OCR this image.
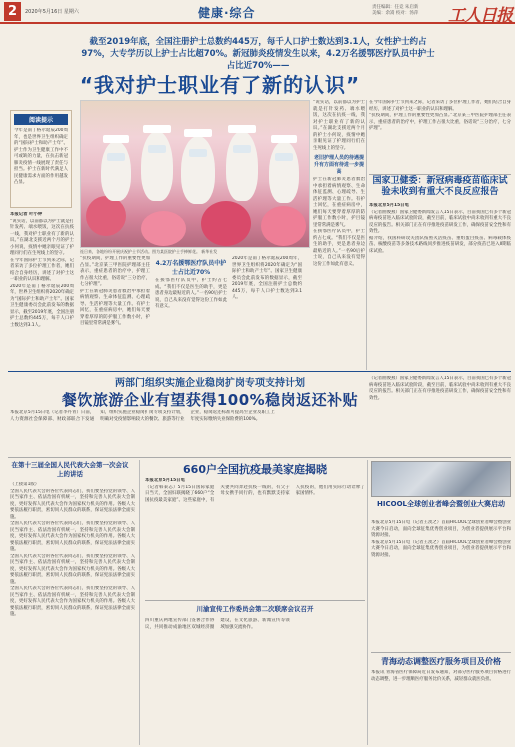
2	2020年5月16日 星期六	健康·综合	责任编辑：任竞 朱启新
美编：余嵩 校对：汤萍	工人日报
截至2019年底，全国注册护士总数约445万，每千人口护士数达到3.1人，女性护士约占97%，大专学历以上护士占比超70%。新冠肺炎疫情发生以来，4.2万名援鄂医疗队员中护士占比近70%——
“我对护士职业有了新的认识”
阅读提示
今年是南丁格尔诞辰200周年，也是世界卫生组织确定的“国际护士和助产士年”。护士作为卫生健康工作中不可或缺的力量，在抗击新冠肺炎疫情一线展现了责任与担当。护士在新时代满足人民健康需求方面的作用越发凸显。
本报记者 叶小钟
“说实话，以前都以为护士就是打针发药、端水喂饭，这次在抗疫一线，我对护士职业有了新的认识。”在湖北支援近两个月的护士小何说，疫情中她亲眼见证了护理同行们在生死线上的坚守。
在今年国际护士节到来之际，记者采访了多位护理工作者，她们结合自身经历，讲述了对护士这一职业的认识和理解。
2020年是南丁格尔诞辰200周年，世界卫生组织将2020年确定为“国际护士和助产士年”。国家卫生健康委员会此前发布的数据显示，截至2019年底，全国注册护士总数约445万，每千人口护士数达到3.1人。
连日来，各地纷纷开展庆祝护士节活动。图为某医院护士手捧鲜花。 新华社发
“抗疫期间，护理工作的重要性更加凸显。”北京某三甲医院护理部主任表示，重症患者的治疗中，护理工作占很大比重，俗话说“三分治疗，七分护理”。
护士在新冠肺炎患者救治中承担着病情观察、生命体征监测、心理疏导、生活护理等大量工作。有护士回忆，在重症病房中，她们每天要穿着厚厚的防护服工作数小时，护目镜里常常满是雾气。
4.2万名援鄂医疗队员中护士占比近70%
在援鄂医疗队员中，护士约占七成。“我们不仅是医生的助手，更是患者身边最贴近的人。”一名90后护士说，自己从来没有觉得这份工作如此有意义。
2020年是南丁格尔诞辰200周年，世界卫生组织将2020年确定为“国际护士和助产士年”。国家卫生健康委员会此前发布的数据显示，截至2019年底，全国注册护士总数约445万，每千人口护士数达到3.1人。
“说实话，以前都以为护士就是打针发药、端水喂饭，这次在抗疫一线，我对护士职业有了新的认识。”在湖北支援近两个月的护士小何说，疫情中她亲眼见证了护理同行们在生死线上的坚守。
老旧护理人员的待遇提升有方面有待进一步提高
护士在新冠肺炎患者救治中承担着病情观察、生命体征监测、心理疏导、生活护理等大量工作。有护士回忆，在重症病房中，她们每天要穿着厚厚的防护服工作数小时，护目镜里常常满是雾气。
在援鄂医疗队员中，护士约占七成。“我们不仅是医生的助手，更是患者身边最贴近的人。”一名90后护士说，自己从来没有觉得这份工作如此有意义。
在今年国际护士节到来之际，记者采访了多位护理工作者，她们结合自身经历，讲述了对护士这一职业的认识和理解。
“抗疫期间，护理工作的重要性更加凸显。”北京某三甲医院护理部主任表示，重症患者的治疗中，护理工作占很大比重，俗话说“三分治疗，七分护理”。
国家卫健委：新冠病毒疫苗临床试验未收到有重大不良反应报告
本报北京5月15日电
（记者曲俊燕）国家卫健委新闻发言人15日表示，目前我国已有多个新冠病毒疫苗进入临床试验阶段，截至目前，临床试验中尚未收到有重大不良反应的报告。相关部门正在有序推进疫苗研发工作，确保疫苗安全性和有效性。
据介绍，我国科研攻关团队按照灭活疫苗、重组蛋白疫苗、病毒载体疫苗、核酸疫苗等多条技术路线同步推进疫苗研发，部分疫苗已进入Ⅱ期临床试验。
两部门组织实施企业稳岗扩岗专项支持计划
餐饮旅游企业有望获得100%稳岗返还补贴
本报北京5月15日电（记者李丹青）日前，人力资源社会保障部、财政部联合下发通知，组织实施企业稳岗扩岗专项支持计划，明确对受疫情影响较大的餐饮、旅游等行业企业，稳岗返还标准可提高至企业及职工上年度实际缴纳失业保险费的100%。
（记者曲俊燕）国家卫健委新闻发言人15日表示，目前我国已有多个新冠病毒疫苗进入临床试验阶段，截至目前，临床试验中尚未收到有重大不良反应的报告。相关部门正在有序推进疫苗研发工作，确保疫苗安全性和有效性。
在第十三届全国人民代表大会第一次会议上的讲话
（上接第1版）
全国人民代表大会的各位代表同志们，我们要坚持党的领导、人民当家作主、依法治国有机统一，坚持和完善人民代表大会制度，更好发挥人民代表大会作为国家权力机关的作用。各级人大要依法履行职责，密切同人民群众的联系，保证宪法法律全面实施。
全国人民代表大会的各位代表同志们，我们要坚持党的领导、人民当家作主、依法治国有机统一，坚持和完善人民代表大会制度，更好发挥人民代表大会作为国家权力机关的作用。各级人大要依法履行职责，密切同人民群众的联系，保证宪法法律全面实施。
全国人民代表大会的各位代表同志们，我们要坚持党的领导、人民当家作主、依法治国有机统一，坚持和完善人民代表大会制度，更好发挥人民代表大会作为国家权力机关的作用。各级人大要依法履行职责，密切同人民群众的联系，保证宪法法律全面实施。
全国人民代表大会的各位代表同志们，我们要坚持党的领导、人民当家作主、依法治国有机统一，坚持和完善人民代表大会制度，更好发挥人民代表大会作为国家权力机关的作用。各级人大要依法履行职责，密切同人民群众的联系，保证宪法法律全面实施。
660户全国抗疫最美家庭揭晓
本报北京5月15日电
（记者韩秉志）5月15日国际家庭日当天，全国妇联揭晓了660户“全国抗疫最美家庭”。这些家庭中，有夫妻共同奔赴抗疫一线的，有父子母女携手同行的，也有默默支持家人抗疫的，他们用实际行动诠释了家国情怀。
川渝宣传工作委员会第二次联席会议召开
四川重庆两地宣传部门签署合作协议，共同推动成渝地区双城经济圈建设，在文化旅游、新闻宣传等领域加强交流协作。
HICOOL全球创业者峰会暨创业大赛启动
本报北京5月15日电（记者王羡之）首届HICOOL全球创业者峰会暨创业大赛今日启动，面向全球征集优秀创业项目，为创业者提供展示平台和资源对接。
本报北京5月15日电（记者王羡之）首届HICOOL全球创业者峰会暨创业大赛今日启动，面向全球征集优秀创业项目，为创业者提供展示平台和资源对接。
青海动态调整医疗服务项目及价格
本报讯 青海省医疗保障局近日发布通知，对部分医疗服务项目价格进行动态调整，进一步理顺医疗服务比价关系，减轻群众就医负担。
